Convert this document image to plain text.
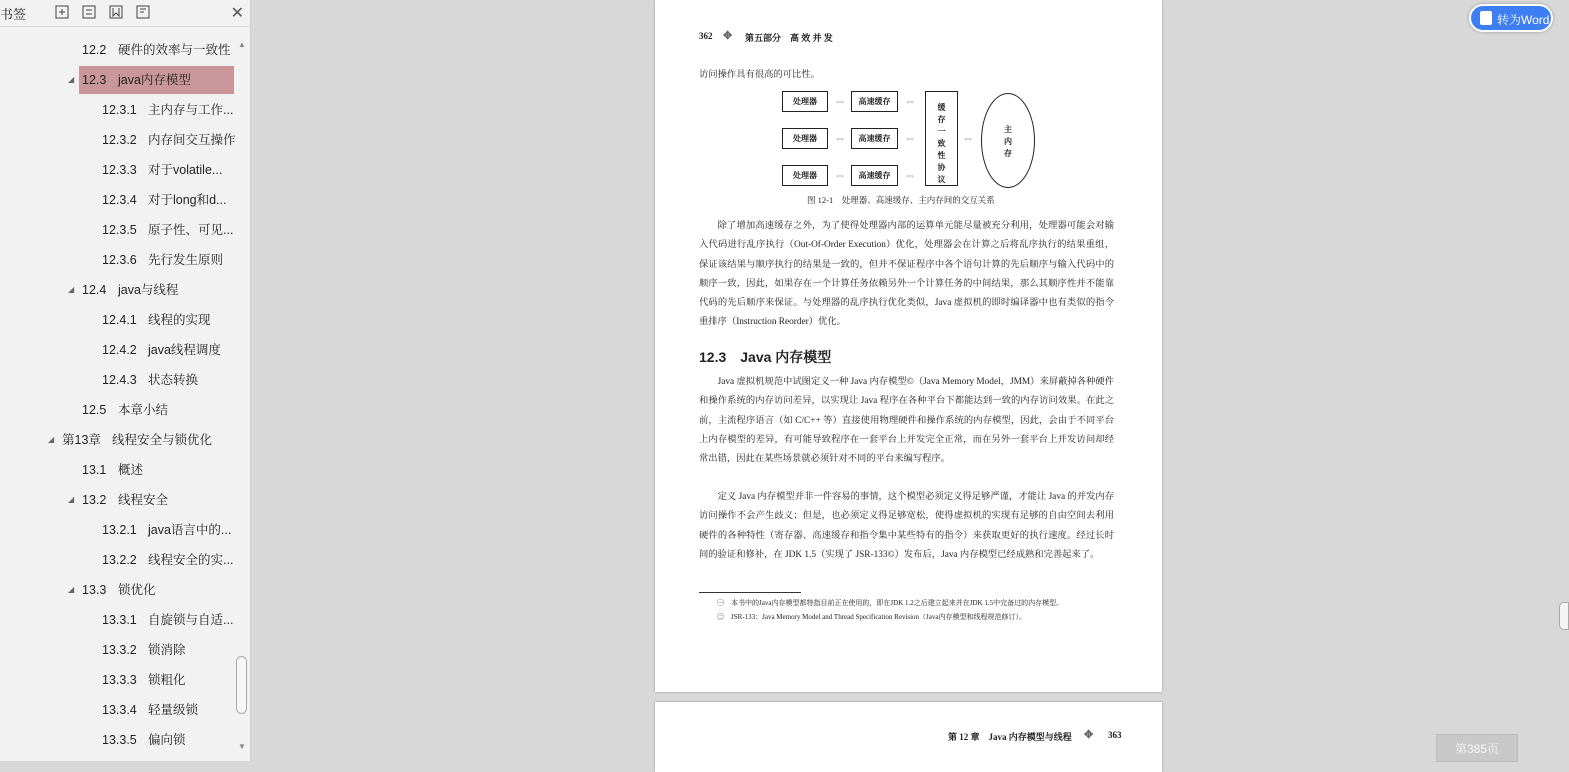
书签	✕
12.2 硬件的效率与一致性
◢ 12.3 java内存模型
12.3.1 主内存与工作...
12.3.2 内存间交互操作
12.3.3 对于volatile...
12.3.4 对于long和d...
12.3.5 原子性、可见...
12.3.6 先行发生原则
◢ 12.4 java与线程
12.4.1 线程的实现
12.4.2 java线程调度
12.4.3 状态转换
12.5 本章小结
◢ 第13章 线程安全与锁优化
13.1 概述
◢ 13.2 线程安全
13.2.1 java语言中的...
13.2.2 线程安全的实...
◢ 13.3 锁优化
13.3.1 自旋锁与自适...
13.3.2 锁消除
13.3.3 锁粗化
13.3.4 轻量级锁
13.3.5 偏向锁
▲
▼
362 ✥ 第五部分　高 效 并 发
访问操作具有很高的可比性。
处理器
处理器
处理器
⇔
⇔
⇔
高速缓存
高速缓存
高速缓存
⇔
⇔
⇔
缓存一致性协议
⇔
主内存
图 12-1　处理器、高速缓存、主内存间的交互关系

除了增加高速缓存之外，为了使得处理器内部的运算单元能尽量被充分利用，处理器可能会对输入代码进行乱序执行（Out-Of-Order Execution）优化，处理器会在计算之后将乱序执行的结果重组，保证该结果与顺序执行的结果是一致的，但并不保证程序中各个语句计算的先后顺序与输入代码中的顺序一致，因此，如果存在一个计算任务依赖另外一个计算任务的中间结果，那么其顺序性并不能靠代码的先后顺序来保证。与处理器的乱序执行优化类似，Java 虚拟机的即时编译器中也有类似的指令重排序（Instruction Reorder）优化。

12.3　Java 内存模型

Java 虚拟机规范中试图定义一种 Java 内存模型©（Java Memory Model，JMM）来屏蔽掉各种硬件和操作系统的内存访问差异，以实现让 Java 程序在各种平台下都能达到一致的内存访问效果。在此之前，主流程序语言（如 C/C++ 等）直接使用物理硬件和操作系统的内存模型，因此，会由于不同平台上内存模型的差异，有可能导致程序在一套平台上并发完全正常，而在另外一套平台上并发访问却经常出错，因此在某些场景就必须针对不同的平台来编写程序。

定义 Java 内存模型并非一件容易的事情，这个模型必须定义得足够严谨，才能让 Java 的并发内存访问操作不会产生歧义；但是，也必须定义得足够宽松，使得虚拟机的实现有足够的自由空间去利用硬件的各种特性（寄存器、高速缓存和指令集中某些特有的指令）来获取更好的执行速度。经过长时间的验证和修补，在 JDK 1.5（实现了 JSR-133©）发布后，Java 内存模型已经成熟和完善起来了。

㊀　本书中的Java内存模型都特指目前正在使用的，即在JDK 1.2之后建立起来并在JDK 1.5中完备过的内存模型。
㊁　JSR-133：Java Memory Model and Thread Specification Revision（Java内存模型和线程规范修订）。
第 12 章　Java 内存模型与线程 ✥ 363
转为Word
第385页
